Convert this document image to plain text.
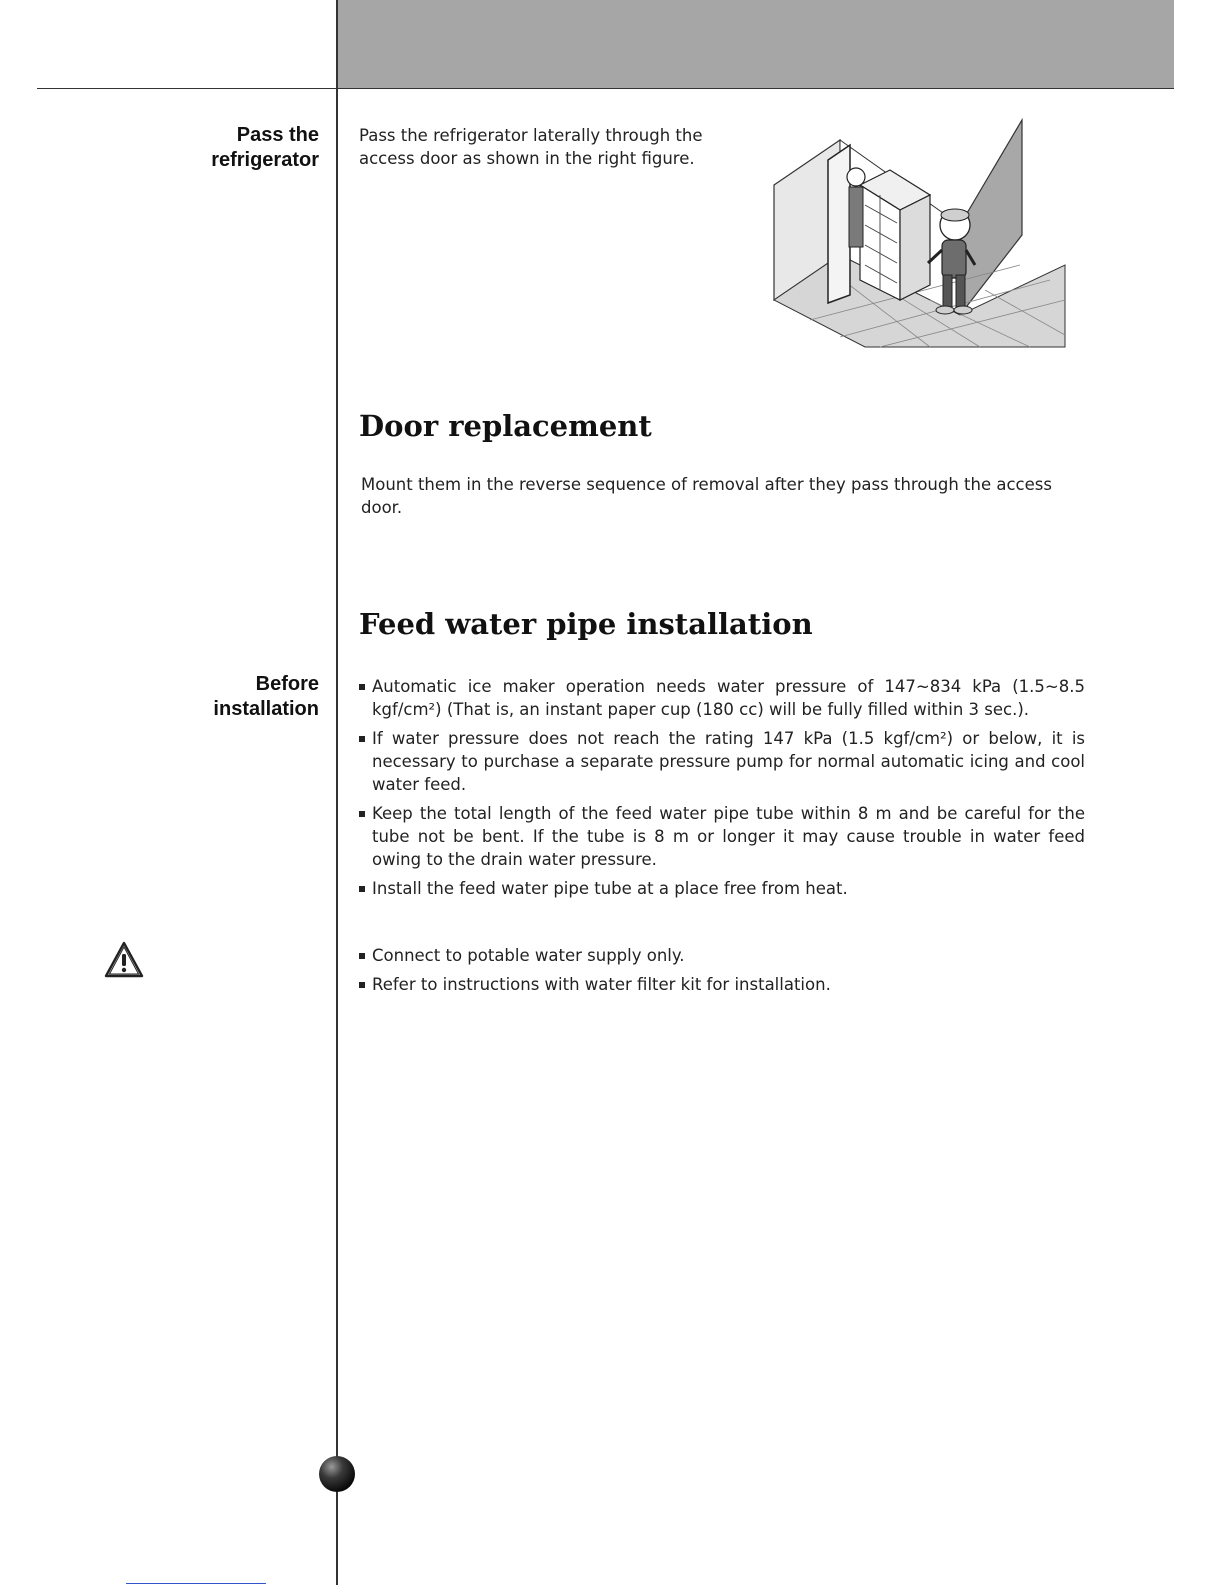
Pass the
refrigerator
Before
installation

Pass the refrigerator laterally through the access door as shown in the right figure.

Door replacement

Mount them in the reverse sequence of removal after they pass through the access door.

Feed water pipe installation
Automatic ice maker operation needs water pressure of 147~834 kPa (1.5~8.5 kgf/cm²) (That is, an instant paper cup (180 cc) will be fully filled within 3 sec.).
If water pressure does not reach the rating 147 kPa (1.5 kgf/cm²) or below, it is necessary to purchase a separate pressure pump for normal automatic icing and cool water feed.
Keep the total length of the feed water pipe tube within 8 m and be careful for the tube not be bent. If the tube is 8 m or longer it may cause trouble in water feed owing to the drain water pressure.
Install the feed water pipe tube at a place free from heat.
Connect to potable water supply only.
Refer to instructions with water filter kit for installation.
